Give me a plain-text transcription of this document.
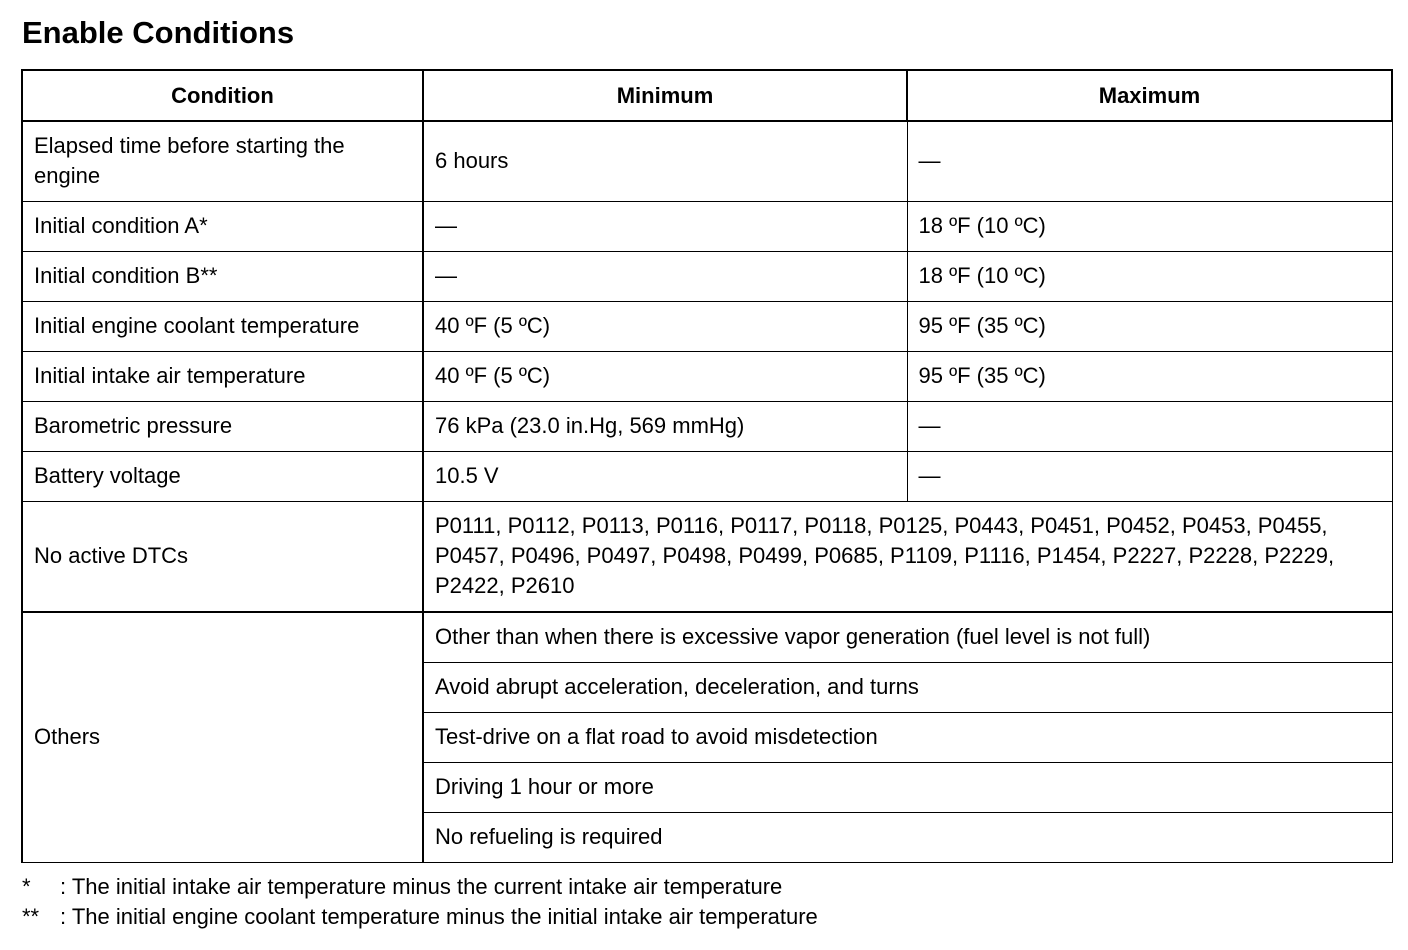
Enable Conditions
Condition	Minimum	Maximum

Elapsed time before starting the engine	6 hours	—
Initial condition A*	—	18 ºF (10 ºC)
Initial condition B**	—	18 ºF (10 ºC)
Initial engine coolant temperature	40 ºF (5 ºC)	95 ºF (35 ºC)
Initial intake air temperature	40 ºF (5 ºC)	95 ºF (35 ºC)
Barometric pressure	76 kPa (23.0 in.Hg, 569 mmHg)	—
Battery voltage	10.5 V	—
No active DTCs	P0111, P0112, P0113, P0116, P0117, P0118, P0125, P0443, P0451, P0452, P0453, P0455, P0457, P0496, P0497, P0498, P0499, P0685, P1109, P1116, P1454, P2227, P2228, P2229, P2422, P2610	

Others	Other than when there is excessive vapor generation (fuel level is not full)	
	Avoid abrupt acceleration, deceleration, and turns	
	Test-drive on a flat road to avoid misdetection	
	Driving 1 hour or more	
	No refueling is required	
*	: The initial intake air temperature minus the current intake air temperature
** : The initial engine coolant temperature minus the initial intake air temperature
